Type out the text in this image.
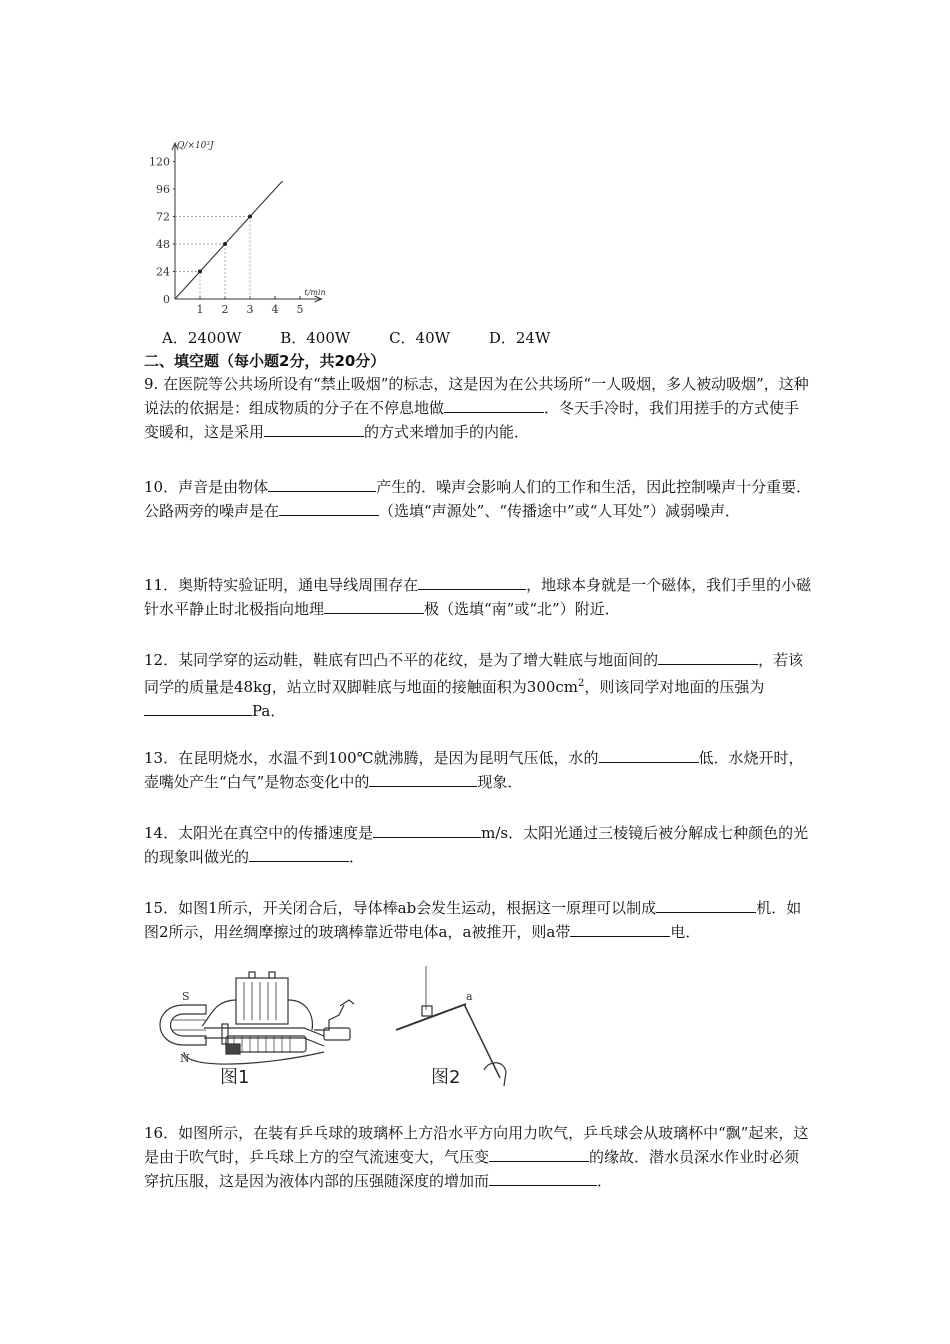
Q/×10³J
t/min
0
24
48
72
96
120
1 2 3 4 5
A．2400W	B．400W	C．40W	D．24W
二、填空题（每小题2分，共20分）
9. 在医院等公共场所设有“禁止吸烟”的标志，这是因为在公共场所“一人吸烟，多人被动吸烟”，这种说法的依据是：组成物质的分子在不停息地做	．冬天手冷时，我们用搓手的方式使手变暖和，这是采用	的方式来增加手的内能．
10．声音是由物体	产生的．噪声会影响人们的工作和生活，因此控制噪声十分重要．公路两旁的噪声是在	（选填“声源处”、“传播途中”或“人耳处”）减弱噪声．
11．奥斯特实验证明，通电导线周围存在	，地球本身就是一个磁体，我们手里的小磁针水平静止时北极指向地理	极（选填“南”或“北”）附近．
12．某同学穿的运动鞋，鞋底有凹凸不平的花纹，是为了增大鞋底与地面间的	，若该同学的质量是48kg，站立时双脚鞋底与地面的接触面积为$300cm^2$，则该同学对地面的压强为Pa．
13．在昆明烧水，水温不到100℃就沸腾，是因为昆明气压低，水的	低．水烧开时，壶嘴处产生“白气”是物态变化中的	现象．
14．太阳光在真空中的传播速度是	m/s．太阳光通过三棱镜后被分解成七种颜色的光的现象叫做光的	．
15．如图1所示，开关闭合后，导体棒ab会发生运动，根据这一原理可以制成	机．如图2所示，用丝绸摩擦过的玻璃棒靠近带电体a，a被推开，则a带	电．
S
N
图1
a
图2
16．如图所示，在装有乒乓球的玻璃杯上方沿水平方向用力吹气，乒乓球会从玻璃杯中“飘”起来，这是由于吹气时，乒乓球上方的空气流速变大，气压变	的缘故．潜水员深水作业时必须穿抗压服，这是因为液体内部的压强随深度的增加而	．
